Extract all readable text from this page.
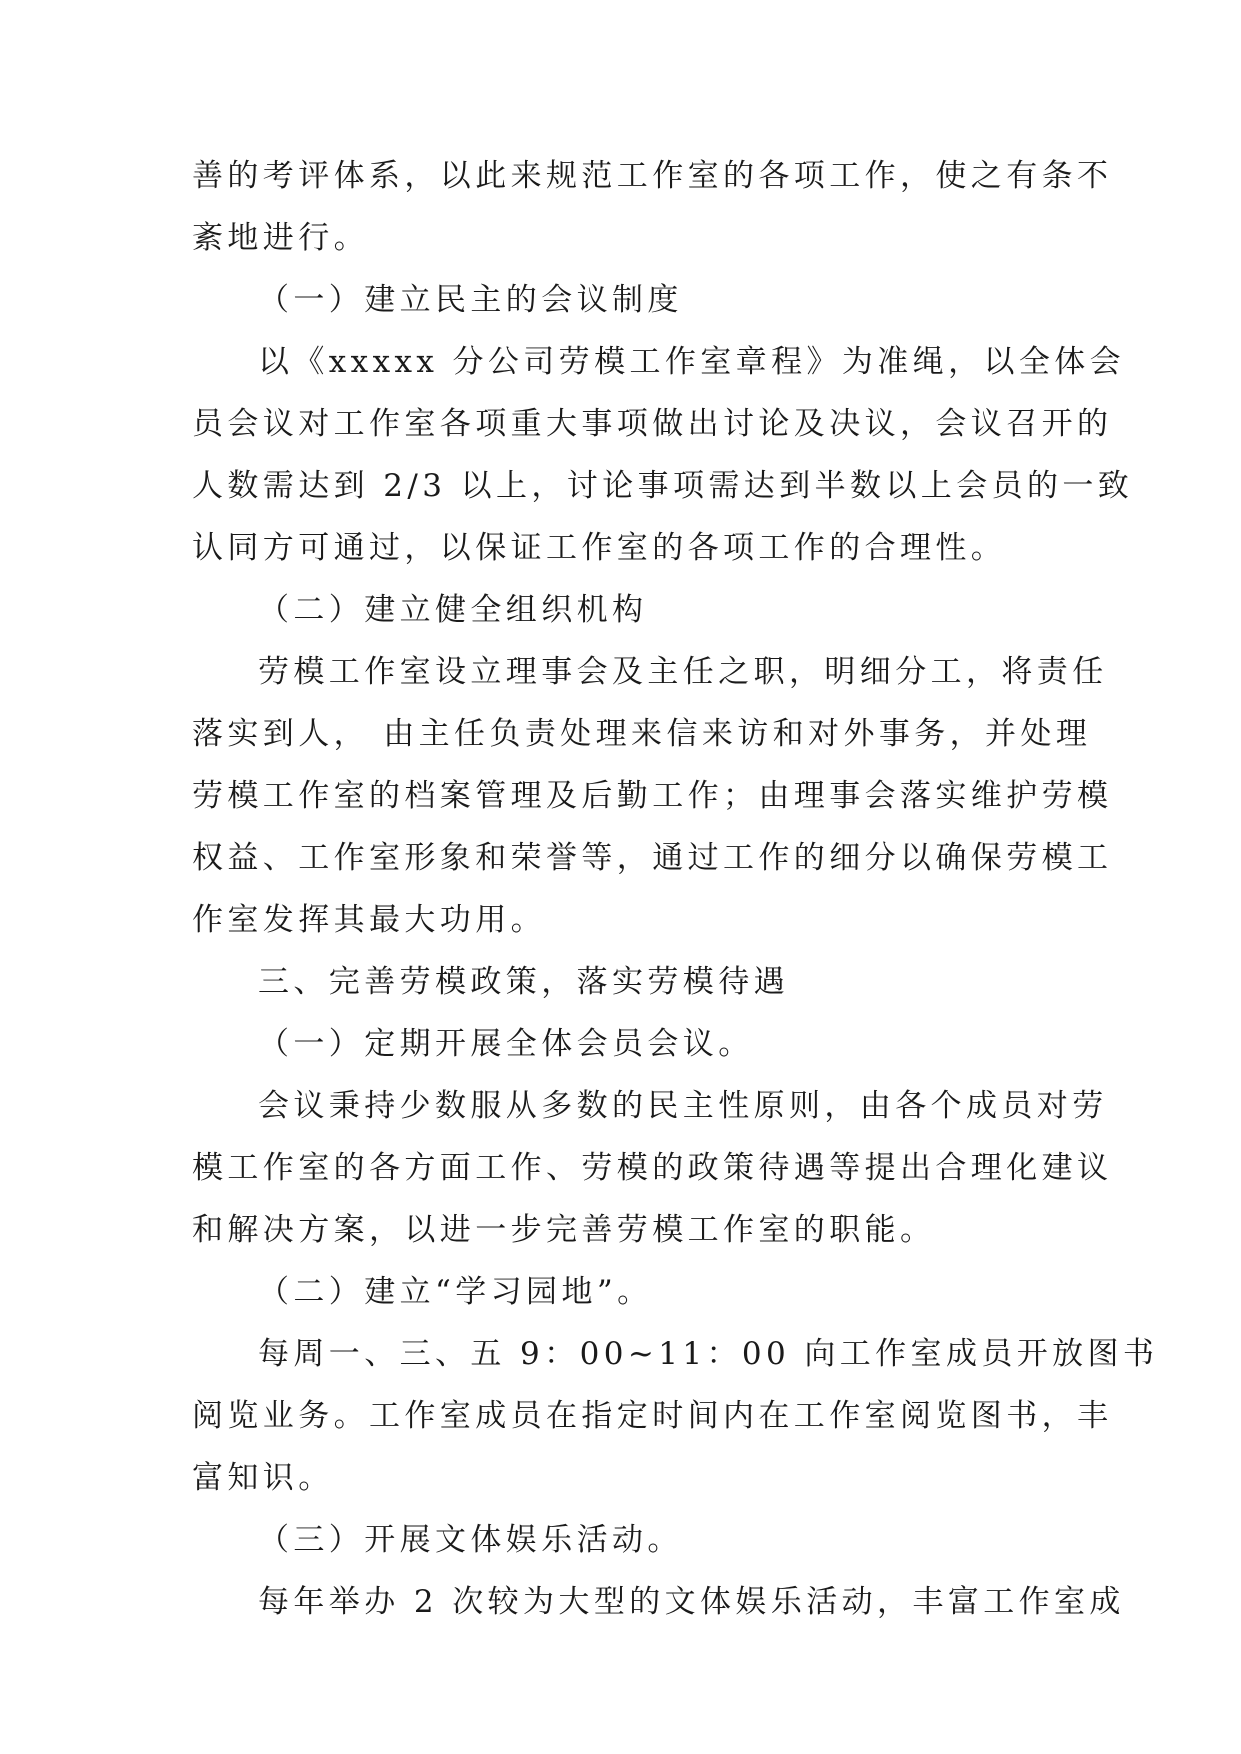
善的考评体系，以此来规范工作室的各项工作，使之有条不
紊地进行。
（一）建立民主的会议制度
以《xxxxx 分公司劳模工作室章程》为准绳，以全体会
员会议对工作室各项重大事项做出讨论及决议，会议召开的
人数需达到 2/3 以上，讨论事项需达到半数以上会员的一致
认同方可通过，以保证工作室的各项工作的合理性。
（二）建立健全组织机构
劳模工作室设立理事会及主任之职，明细分工，将责任
落实到人， 由主任负责处理来信来访和对外事务，并处理
劳模工作室的档案管理及后勤工作；由理事会落实维护劳模
权益、工作室形象和荣誉等，通过工作的细分以确保劳模工
作室发挥其最大功用。
三、完善劳模政策，落实劳模待遇
（一）定期开展全体会员会议。
会议秉持少数服从多数的民主性原则，由各个成员对劳
模工作室的各方面工作、劳模的政策待遇等提出合理化建议
和解决方案，以进一步完善劳模工作室的职能。
（二）建立“学习园地”。
每周一、三、五 9：00~11：00 向工作室成员开放图书
阅览业务。工作室成员在指定时间内在工作室阅览图书，丰
富知识。
（三）开展文体娱乐活动。
每年举办 2 次较为大型的文体娱乐活动，丰富工作室成
